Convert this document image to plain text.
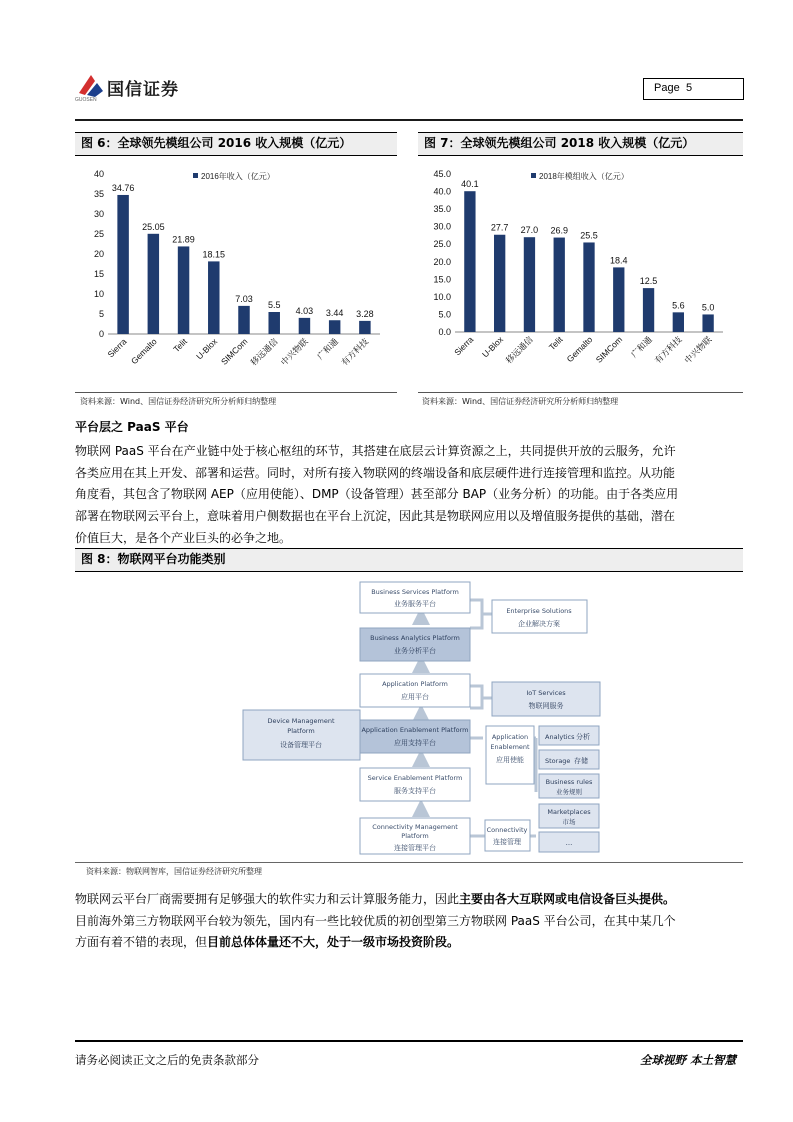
国信证券
GUOSEN
Page 5
图 6：全球领先模组公司 2016 收入规模（亿元）
2016年收入（亿元）
0
5
10
15
20
25
30
35
40
34.76
Sierra
25.05
Gemalto
21.89
Telit
18.15
U-Blox
7.03
SIMCom
5.5
移远通信
4.03
中兴物联
3.44
广和通
3.28
有方科技
资料来源：Wind、国信证券经济研究所分析师归纳整理
图 7：全球领先模组公司 2018 收入规模（亿元）
2018年模组收入（亿元）
0.0
5.0
10.0
15.0
20.0
25.0
30.0
35.0
40.0
45.0
40.1
Sierra
27.7
U-Blox
27.0
移远通信
26.9
Telit
25.5
Gemalto
18.4
SIMCom
12.5
广和通
5.6
有方科技
5.0
中兴物联
资料来源：Wind、国信证券经济研究所分析师归纳整理
平台层之 PaaS 平台
物联网 PaaS 平台在产业链中处于核心枢纽的环节，其搭建在底层云计算资源之上，共同提供开放的云服务，允许
各类应用在其上开发、部署和运营。同时，对所有接入物联网的终端设备和底层硬件进行连接管理和监控。从功能
角度看，其包含了物联网 AEP（应用使能）、DMP（设备管理）甚至部分 BAP（业务分析）的功能。由于各类应用
部署在物联网云平台上，意味着用户侧数据也在平台上沉淀，因此其是物联网应用以及增值服务提供的基础，潜在
价值巨大，是各个产业巨头的必争之地。
图 8：物联网平台功能类别
Business Services Platform
业务服务平台
Business Analytics Platform
业务分析平台
Application Platform
应用平台
Application Enablement Platform
应用支持平台
Service Enablement Platform
服务支持平台
Connectivity Management
Platform
连接管理平台
Device Management
Platform
设备管理平台
Enterprise Solutions
企业解决方案
IoT Services
物联网服务
Application
Enablement
应用使能
Analytics 分析
Storage 存储
Business rules
业务规则
Connectivity
连接管理
Marketplaces
市场
...
资料来源：物联网智库，国信证券经济研究所整理
物联网云平台厂商需要拥有足够强大的软件实力和云计算服务能力，因此主要由各大互联网或电信设备巨头提供。
目前海外第三方物联网平台较为领先，国内有一些比较优质的初创型第三方物联网 PaaS 平台公司，在其中某几个
方面有着不错的表现，但目前总体体量还不大，处于一级市场投资阶段。
请务必阅读正文之后的免责条款部分	全球视野 本土智慧
